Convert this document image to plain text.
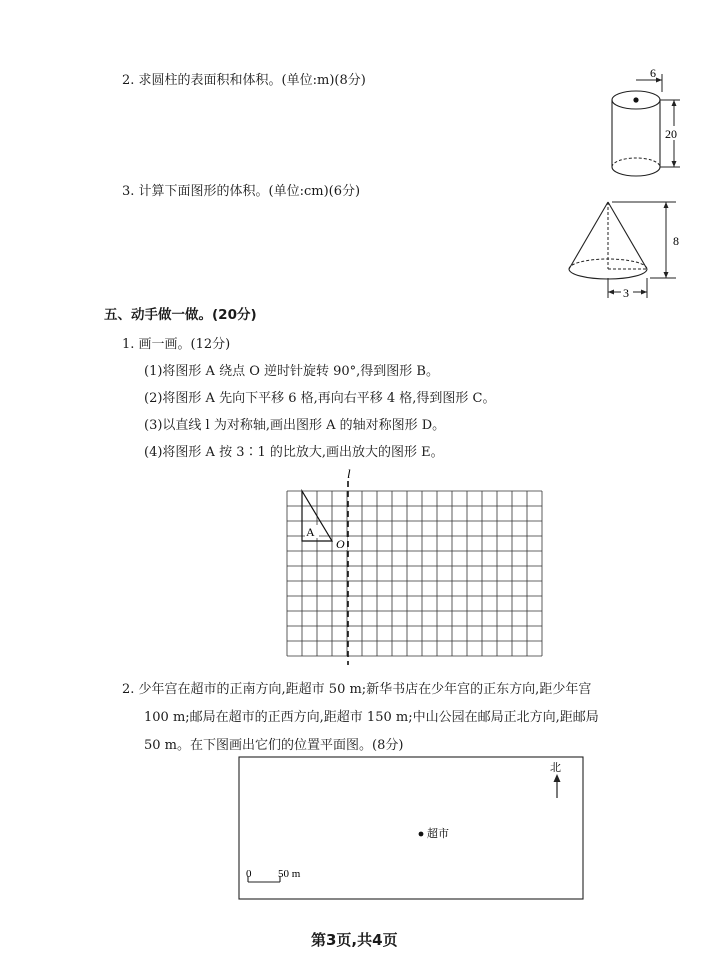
2. 求圆柱的表面积和体积。(单位:m)(8分)	6
20
3. 计算下面图形的体积。(单位:cm)(6分)
8
3
五、动手做一做。(20分)
1. 画一画。(12分)
(1)将图形 A 绕点 O 逆时针旋转 90°,得到图形 B。
(2)将图形 A 先向下平移 6 格,再向右平移 4 格,得到图形 C。
(3)以直线 l 为对称轴,画出图形 A 的轴对称图形 D。
(4)将图形 A 按 3∶1 的比放大,画出放大的图形 E。
A
l
O
2. 少年宫在超市的正南方向,距超市 50 m;新华书店在少年宫的正东方向,距少年宫
100 m;邮局在超市的正西方向,距超市 150 m;中山公园在邮局正北方向,距邮局
50 m。在下图画出它们的位置平面图。(8分)
北
超市
0 50 m
第3页,共4页
